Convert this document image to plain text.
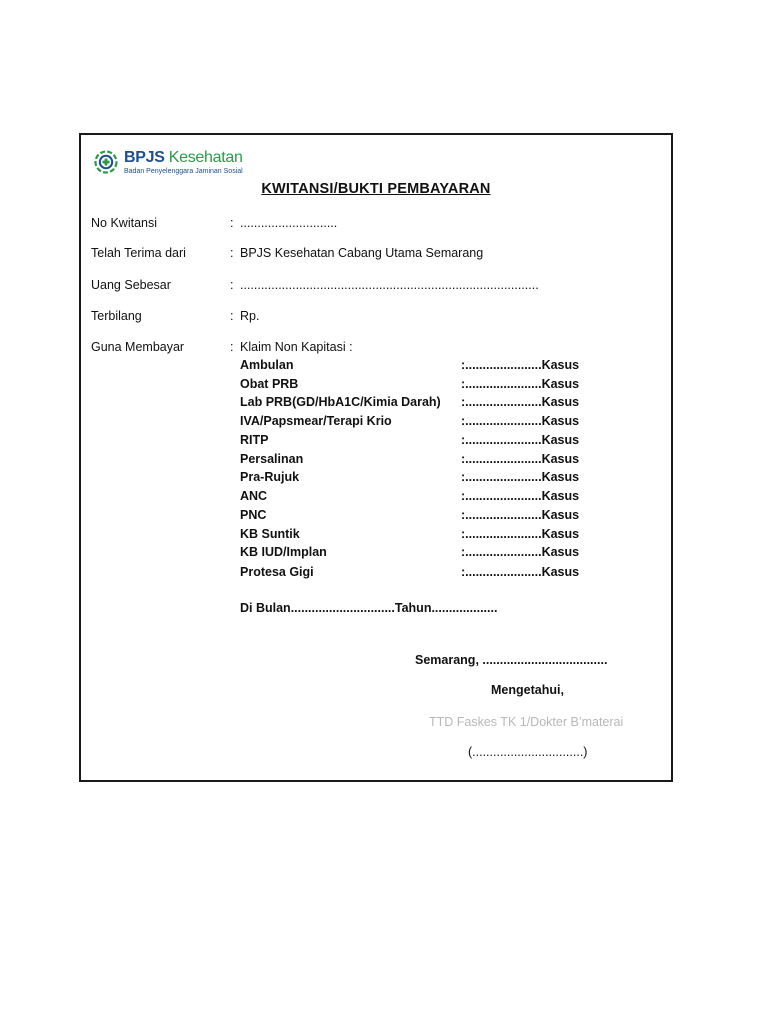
BPJS Kesehatan
Badan Penyelenggara Jaminan Sosial
KWITANSI/BUKTI PEMBAYARAN
No Kwitansi	: ............................
Telah Terima dari	: BPJS Kesehatan Cabang Utama Semarang
Uang Sebesar	: ......................................................................................
Terbilang	: Rp.
Guna Membayar	: Klaim Non Kapitasi :
Ambulan	:......................Kasus
Obat PRB	:......................Kasus
Lab PRB(GD/HbA1C/Kimia Darah) :......................Kasus
IVA/Papsmear/Terapi Krio	:......................Kasus
RITP	:......................Kasus
Persalinan	:......................Kasus
Pra-Rujuk	:......................Kasus
ANC	:......................Kasus
PNC	:......................Kasus
KB Suntik	:......................Kasus
KB IUD/Implan	:......................Kasus
Protesa Gigi	:......................Kasus
Di Bulan..............................Tahun...................
Semarang, ....................................
Mengetahui,
TTD Faskes TK 1/Dokter B’materai
(................................)
